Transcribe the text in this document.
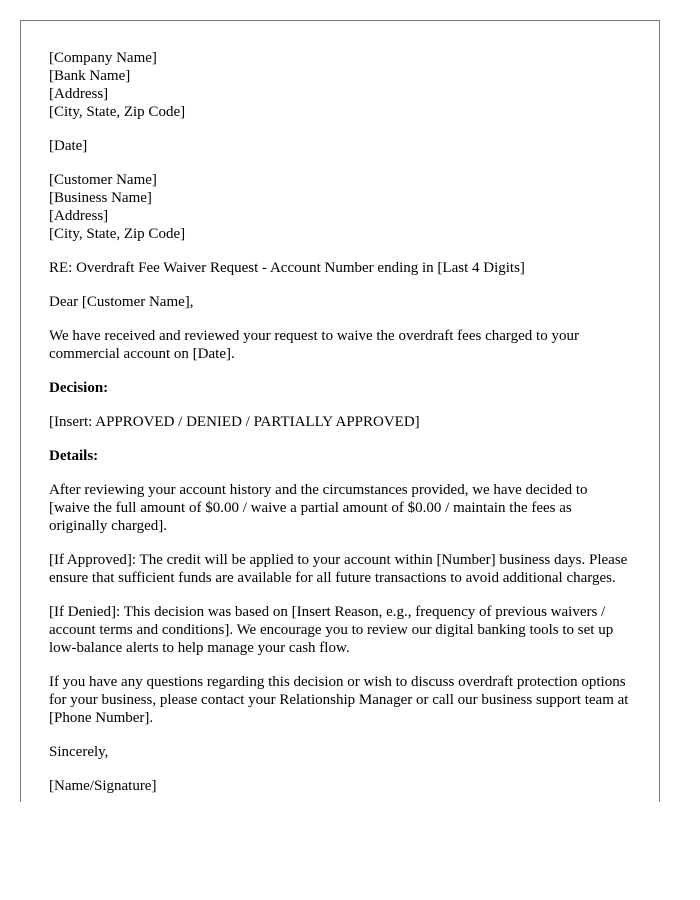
[Company Name]
[Bank Name]
[Address]
[City, State, Zip Code]
[Date]
[Customer Name]
[Business Name]
[Address]
[City, State, Zip Code]

RE: Overdraft Fee Waiver Request - Account Number ending in [Last 4 Digits]

Dear [Customer Name],

We have received and reviewed your request to waive the overdraft fees charged to your commercial account on [Date].

Decision:

[Insert: APPROVED / DENIED / PARTIALLY APPROVED]

Details:

After reviewing your account history and the circumstances provided, we have decided to [waive the full amount of $0.00 / waive a partial amount of $0.00 / maintain the fees as originally charged].

[If Approved]: The credit will be applied to your account within [Number] business days. Please ensure that sufficient funds are available for all future transactions to avoid additional charges.

[If Denied]: This decision was based on [Insert Reason, e.g., frequency of previous waivers / account terms and conditions]. We encourage you to review our digital banking tools to set up low-balance alerts to help manage your cash flow.

If you have any questions regarding this decision or wish to discuss overdraft protection options for your business, please contact your Relationship Manager or call our business support team at [Phone Number].

Sincerely,

[Name/Signature]
